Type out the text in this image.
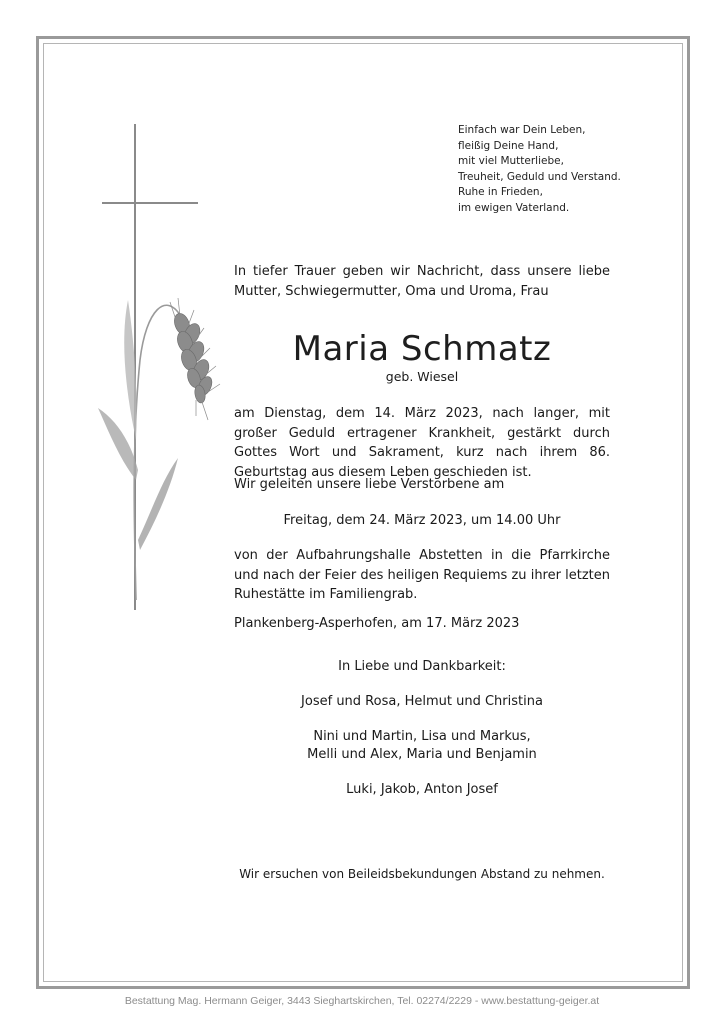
Einfach war Dein Leben,
fleißig Deine Hand,
mit viel Mutterliebe,
Treuheit, Geduld und Verstand.
Ruhe in Frieden,
im ewigen Vaterland.
In tiefer Trauer geben wir Nachricht, dass unsere liebe Mutter, Schwiegermutter, Oma und Uroma, Frau
Maria Schmatz
geb. Wiesel
am Dienstag, dem 14. März 2023, nach langer, mit großer Geduld ertragener Krankheit, gestärkt durch Gottes Wort und Sakrament, kurz nach ihrem 86. Geburtstag aus diesem Leben geschieden ist.
Wir geleiten unsere liebe Verstorbene am
Freitag, dem 24. März 2023, um 14.00 Uhr
von der Aufbahrungshalle Abstetten in die Pfarrkirche und nach der Feier des heiligen Requiems zu ihrer letzten Ruhestätte im Familiengrab.
Plankenberg-Asperhofen, am 17. März 2023
In Liebe und Dankbarkeit:
Josef und Rosa, Helmut und Christina
Nini und Martin, Lisa und Markus,
Melli und Alex, Maria und Benjamin
Luki, Jakob, Anton Josef
Wir ersuchen von Beileidsbekundungen Abstand zu nehmen.
Bestattung Mag. Hermann Geiger, 3443 Sieghartskirchen, Tel. 02274/2229 - www.bestattung-geiger.at
